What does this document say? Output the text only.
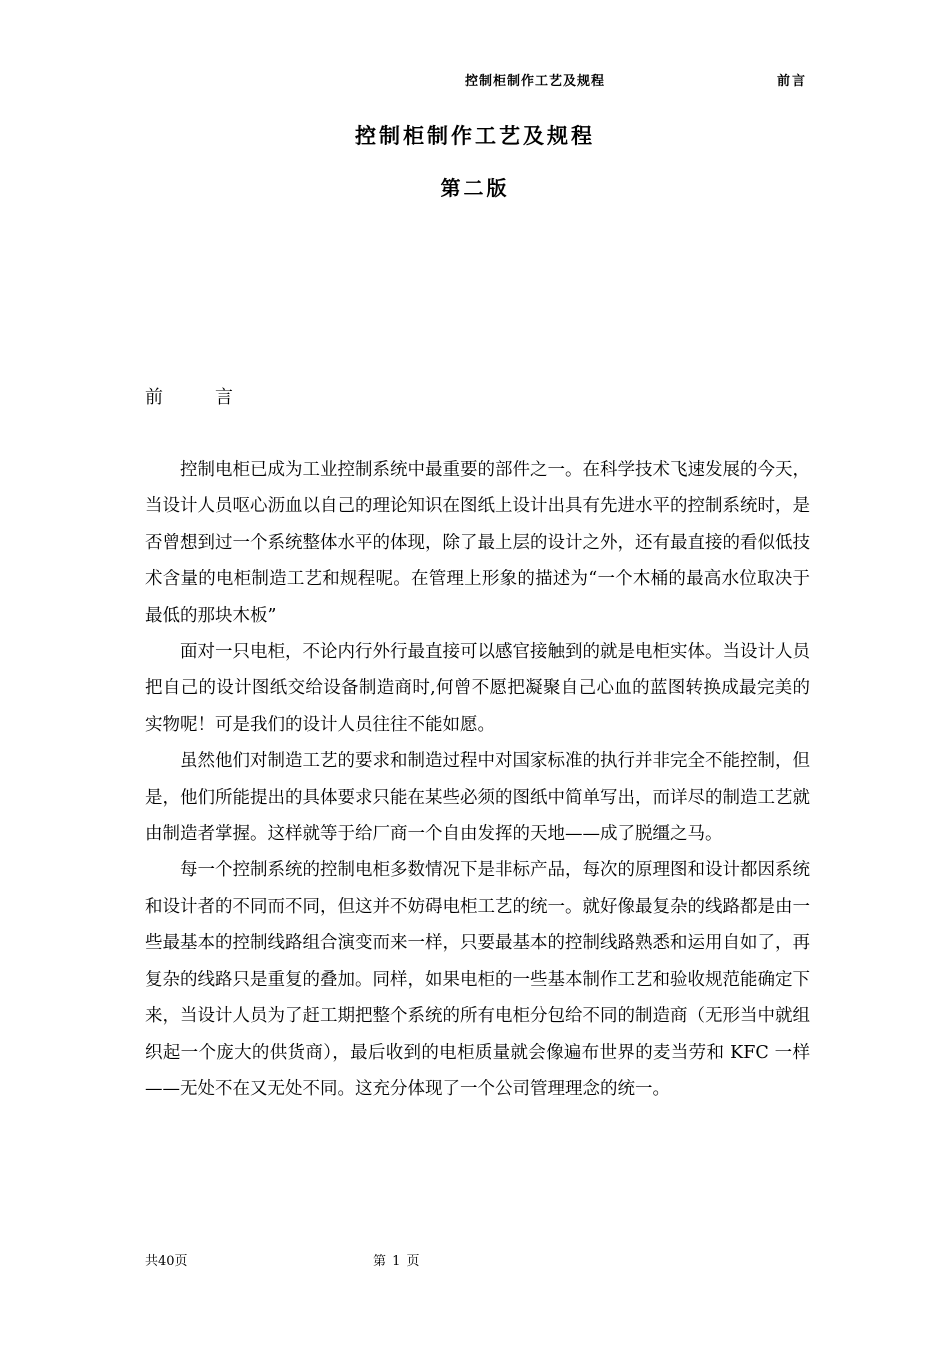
控制柜制作工艺及规程	前言
控制柜制作工艺及规程
第二版
前言

控制电柜已成为工业控制系统中最重要的部件之一。在科学技术飞速发展的今天，当设计人员呕心沥血以自己的理论知识在图纸上设计出具有先进水平的控制系统时，是否曾想到过一个系统整体水平的体现，除了最上层的设计之外，还有最直接的看似低技术含量的电柜制造工艺和规程呢。在管理上形象的描述为“一个木桶的最高水位取决于最低的那块木板”

面对一只电柜，不论内行外行最直接可以感官接触到的就是电柜实体。当设计人员把自己的设计图纸交给设备制造商时,何曾不愿把凝聚自己心血的蓝图转换成最完美的实物呢！可是我们的设计人员往往不能如愿。

虽然他们对制造工艺的要求和制造过程中对国家标准的执行并非完全不能控制，但是，他们所能提出的具体要求只能在某些必须的图纸中简单写出，而详尽的制造工艺就由制造者掌握。这样就等于给厂商一个自由发挥的天地——成了脱缰之马。

每一个控制系统的控制电柜多数情况下是非标产品，每次的原理图和设计都因系统和设计者的不同而不同，但这并不妨碍电柜工艺的统一。就好像最复杂的线路都是由一些最基本的控制线路组合演变而来一样，只要最基本的控制线路熟悉和运用自如了，再复杂的线路只是重复的叠加。同样，如果电柜的一些基本制作工艺和验收规范能确定下来，当设计人员为了赶工期把整个系统的所有电柜分包给不同的制造商（无形当中就组织起一个庞大的供货商），最后收到的电柜质量就会像遍布世界的麦当劳和 KFC 一样——无处不在又无处不同。这充分体现了一个公司管理理念的统一。

共40页	第 1 页
